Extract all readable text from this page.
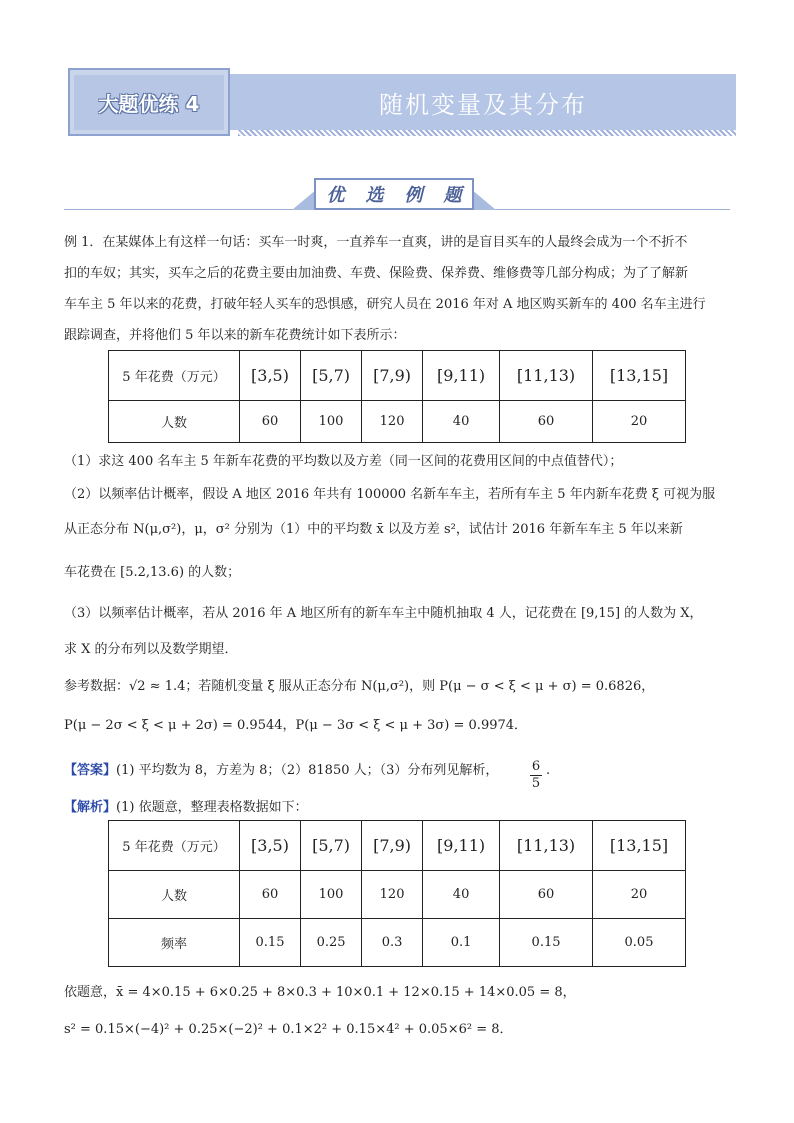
大题优练 4	随机变量及其分布
优 选 例 题
例 1．在某媒体上有这样一句话：买车一时爽，一直养车一直爽，讲的是盲目买车的人最终会成为一个不折不
扣的车奴；其实，买车之后的花费主要由加油费、车费、保险费、保养费、维修费等几部分构成；为了了解新
车车主 5 年以来的花费，打破年轻人买车的恐惧感，研究人员在 2016 年对 A 地区购买新车的 400 名车主进行
跟踪调查，并将他们 5 年以来的新车花费统计如下表所示：
5 年花费（万元）	[3,5)	[5,7)	[7,9)	[9,11)	[11,13)	[13,15]
人数	60	100	120	40	60	20
（1）求这 400 名车主 5 年新车花费的平均数以及方差（同一区间的花费用区间的中点值替代）；
（2）以频率估计概率，假设 A 地区 2016 年共有 100000 名新车车主，若所有车主 5 年内新车花费 ξ 可视为服
从正态分布 N(μ,σ²)，μ，σ² 分别为（1）中的平均数 x̄ 以及方差 s²，试估计 2016 年新车车主 5 年以来新
车花费在 [5.2,13.6) 的人数；
（3）以频率估计概率，若从 2016 年 A 地区所有的新车车主中随机抽取 4 人，记花费在 [9,15] 的人数为 X，
求 X 的分布列以及数学期望．
参考数据：√2 ≈ 1.4；若随机变量 ξ 服从正态分布 N(μ,σ²)，则 P(μ − σ < ξ < μ + σ) = 0.6826，
P(μ − 2σ < ξ < μ + 2σ) = 0.9544，P(μ − 3σ < ξ < μ + 3σ) = 0.9974．
【答案】(1) 平均数为 8，方差为 8；（2）81850 人；（3）分布列见解析，	$\frac{6}{5}$ .
【解析】(1) 依题意，整理表格数据如下：
5 年花费（万元）	[3,5)	[5,7)	[7,9)	[9,11)	[11,13)	[13,15]
人数	60	100	120	40	60	20
频率	0.15	0.25	0.3	0.1	0.15	0.05
依题意，x̄ = 4×0.15 + 6×0.25 + 8×0.3 + 10×0.1 + 12×0.15 + 14×0.05 = 8，
s² = 0.15×(−4)² + 0.25×(−2)² + 0.1×2² + 0.15×4² + 0.05×6² = 8．
